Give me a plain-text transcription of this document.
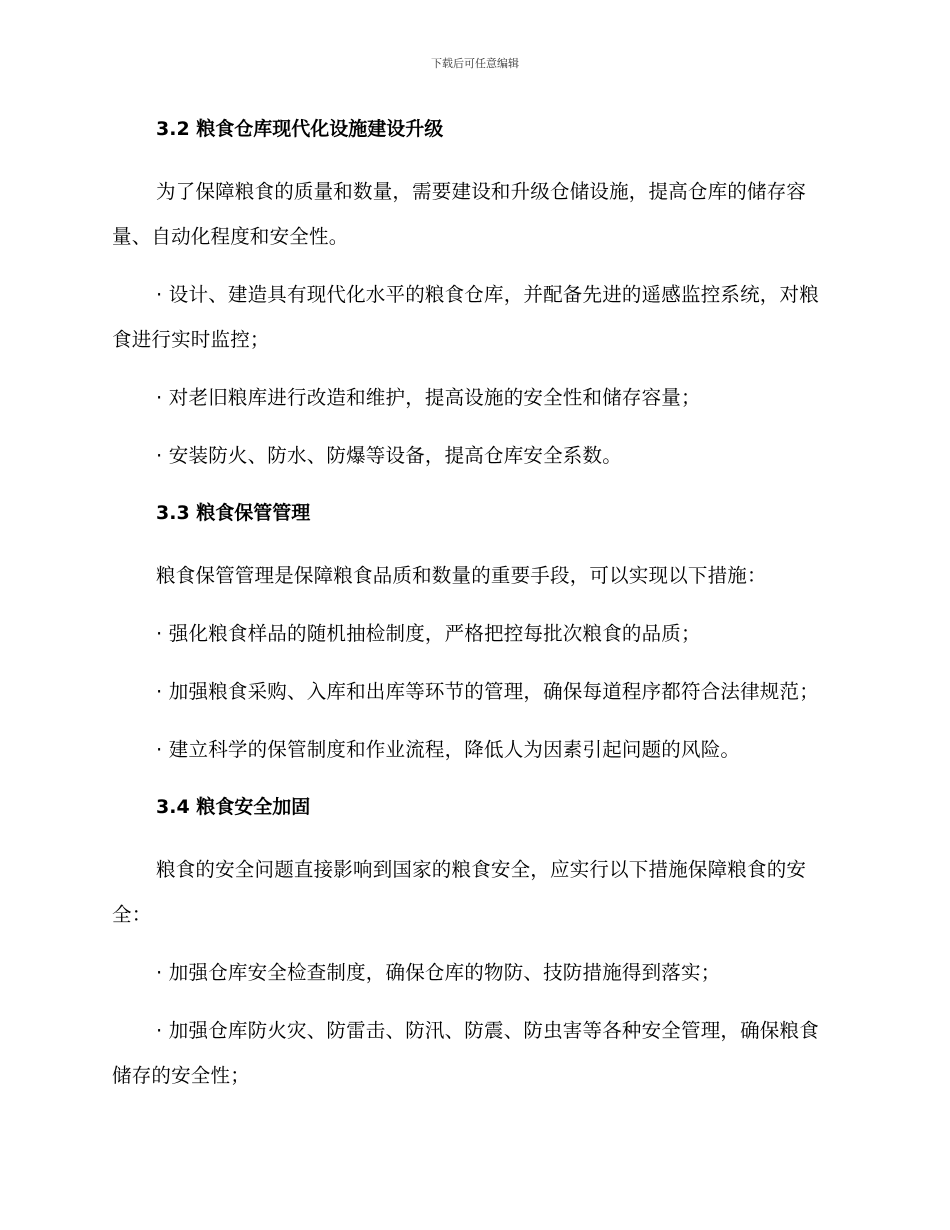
下载后可任意编辑
3.2 粮食仓库现代化设施建设升级

为了保障粮食的质量和数量，需要建设和升级仓储设施，提高仓库的储存容量、自动化程度和安全性。

· 设计、建造具有现代化水平的粮食仓库，并配备先进的遥感监控系统，对粮食进行实时监控；

· 对老旧粮库进行改造和维护，提高设施的安全性和储存容量；

· 安装防火、防水、防爆等设备，提高仓库安全系数。

3.3 粮食保管管理

粮食保管管理是保障粮食品质和数量的重要手段，可以实现以下措施：

· 强化粮食样品的随机抽检制度，严格把控每批次粮食的品质；

· 加强粮食采购、入库和出库等环节的管理，确保每道程序都符合法律规范；

· 建立科学的保管制度和作业流程，降低人为因素引起问题的风险。

3.4 粮食安全加固

粮食的安全问题直接影响到国家的粮食安全，应实行以下措施保障粮食的安全：

· 加强仓库安全检查制度，确保仓库的物防、技防措施得到落实；

· 加强仓库防火灾、防雷击、防汛、防震、防虫害等各种安全管理，确保粮食储存的安全性；
